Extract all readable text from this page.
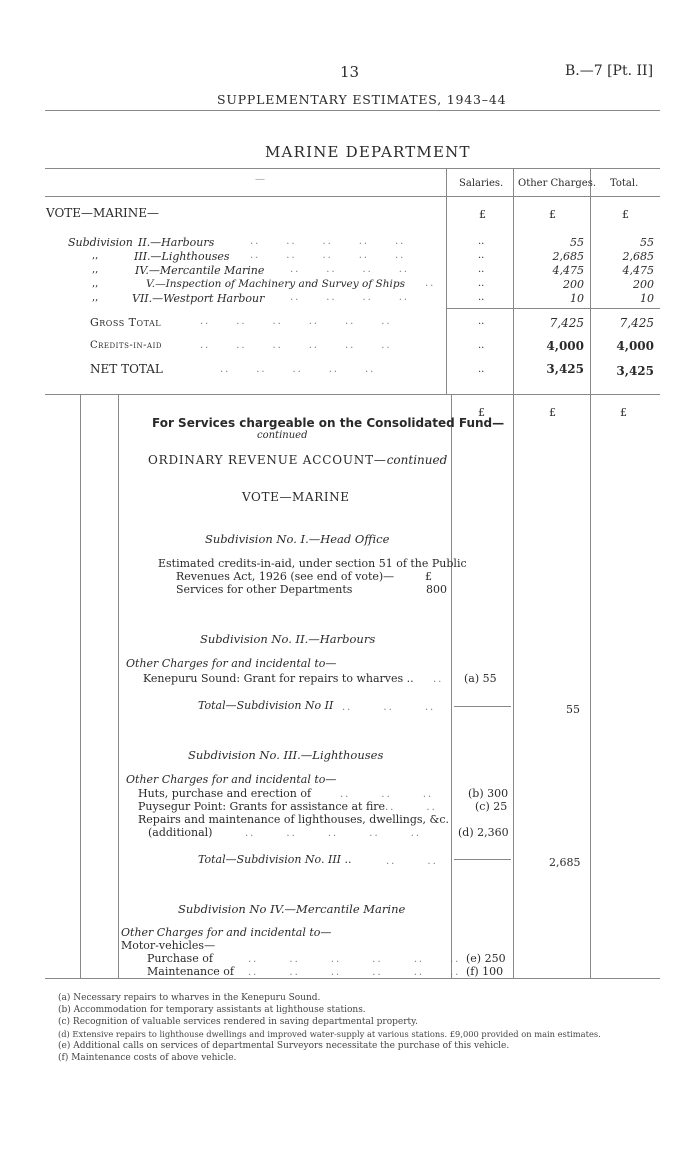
13	B.—7 [Pt. II]
SUPPLEMENTARY ESTIMATES, 1943–44
MARINE DEPARTMENT
—	Salaries. Other Charges. Total.
VOTE—MARINE—	£	£	£
Subdivision II.—Harbours	..     ..     ..     ..     ..	..	55	55
,,	III.—Lighthouses ..     ..     ..     ..     ..	..	2,685	2,685
,,	IV.—Mercantile Marine	..     ..     ..     ..	..	4,475	4,475
,,	V.—Inspection of Machinery and Survey of Ships ..	..	200	200
,,	VII.—Westport Harbour	..     ..     ..     ..	..	10	10
Gross Total	..     ..     ..     ..     ..     ..	..	7,425	7,425
Credits-in-aid	..     ..     ..     ..     ..     ..	..	4,000	4,000
NET TOTAL	..     ..     ..     ..     ..	..	3,425	3,425
£	£	£
For Services chargeable on the Consolidated Fund—
continued
ORDINARY REVENUE ACCOUNT—continued
VOTE—MARINE
Subdivision No. I.—Head Office
Estimated credits-in-aid, under section 51 of the Public
Revenues Act, 1926 (see end of vote)—	£
Services for other Departments	800
Subdivision No. II.—Harbours
Other Charges for and incidental to—
Kenepuru Sound: Grant for repairs to wharves .. .. (a) 55
Total—Subdivision No II ..      ..      ..	55
Subdivision No. III.—Lighthouses
Other Charges for and incidental to—
Huts, purchase and erection of	..      ..      ..	(b) 300
Puysegur Point: Grants for assistance at fire ..      ..	(c) 25
Repairs and maintenance of lighthouses, dwellings, &c.
(additional)	..      ..      ..      ..      ..	(d) 2,360
Total—Subdivision No. III ..	..      ..	2,685
Subdivision No IV.—Mercantile Marine
Other Charges for and incidental to—
Motor-vehicles—
Purchase of	..      ..      ..      ..      ..     .. (e) 250
Maintenance of ..      ..      ..      ..      ..     .. (f) 100
(a) Necessary repairs to wharves in the Kenepuru Sound.
(b) Accommodation for temporary assistants at lighthouse stations.
(c) Recognition of valuable services rendered in saving departmental property.
(d) Extensive repairs to lighthouse dwellings and improved water-supply at various stations. £9,000 provided on main estimates.
(e) Additional calls on services of departmental Surveyors necessitate the purchase of this vehicle.
(f) Maintenance costs of above vehicle.
